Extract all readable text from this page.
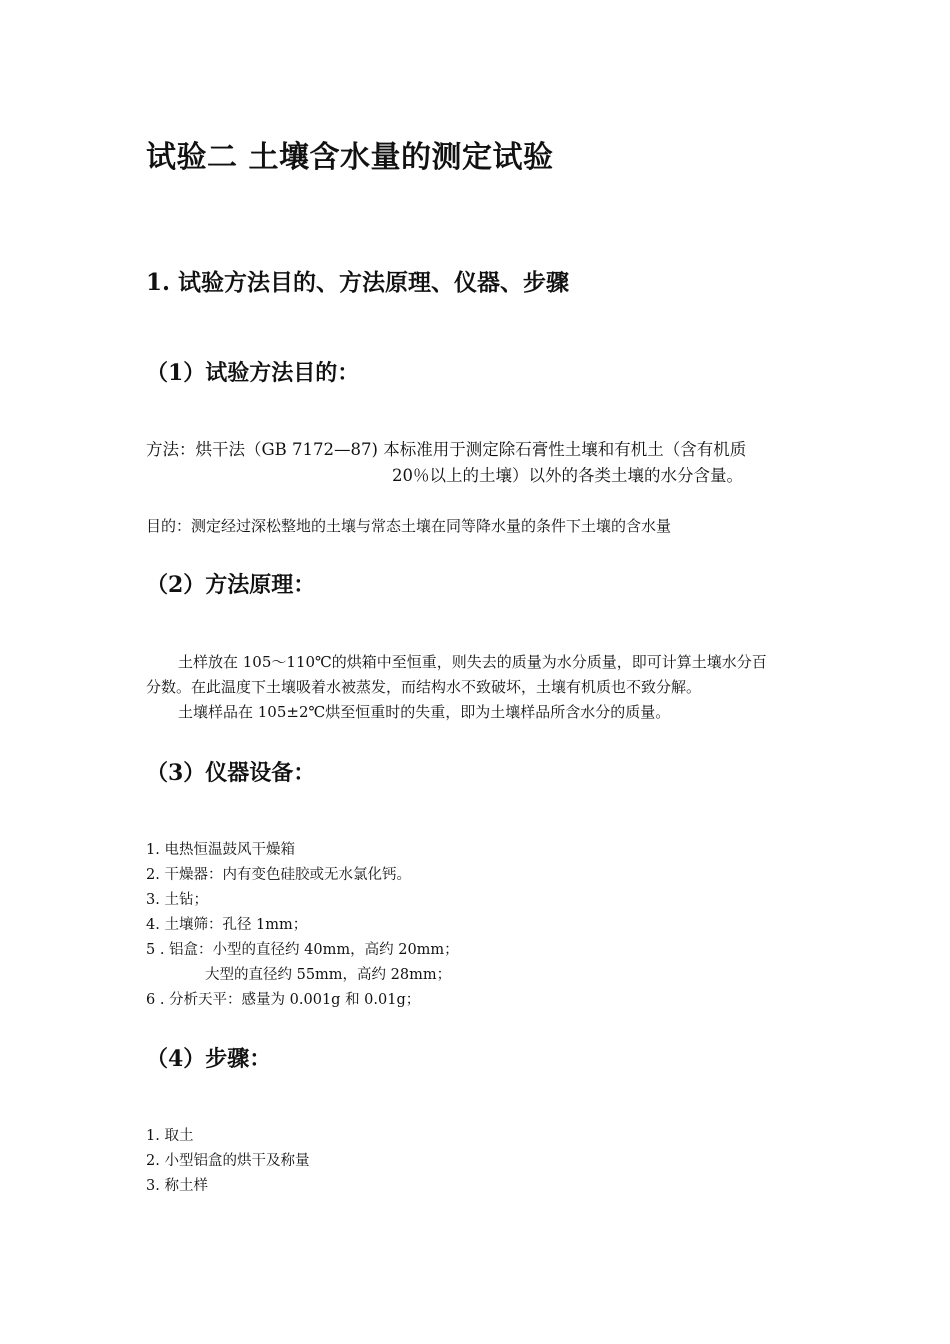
试验二 土壤含水量的测定试验
1. 试验方法目的、方法原理、仪器、步骤
（1）试验方法目的：
方法：烘干法（GB 7172—87) 本标准用于测定除石膏性土壤和有机土（含有机质
20％以上的土壤）以外的各类土壤的水分含量。
目的：测定经过深松整地的土壤与常态土壤在同等降水量的条件下土壤的含水量
（2）方法原理：
土样放在 105～110℃的烘箱中至恒重，则失去的质量为水分质量，即可计算土壤水分百
分数。在此温度下土壤吸着水被蒸发，而结构水不致破坏，土壤有机质也不致分解。
土壤样品在 105±2℃烘至恒重时的失重，即为土壤样品所含水分的质量。
（3）仪器设备：
1. 电热恒温鼓风干燥箱
2. 干燥器：内有变色硅胶或无水氯化钙。
3. 土钻；
4. 土壤筛：孔径 1mm；
5 . 铝盒：小型的直径约 40mm，高约 20mm；
大型的直径约 55mm，高约 28mm；
6 . 分析天平：感量为 0.001g 和 0.01g；
（4）步骤：
1. 取土
2. 小型铝盒的烘干及称量
3. 称土样
